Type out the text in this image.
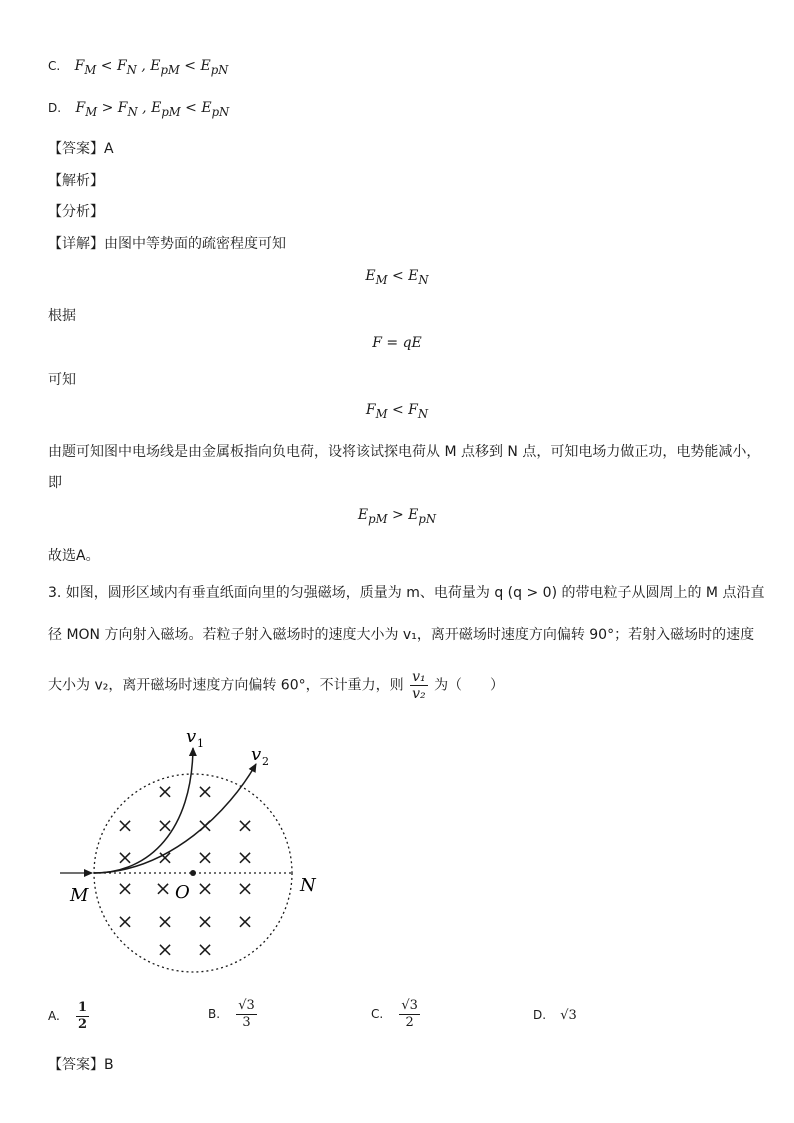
C. $F_M < F_N$ , $E_{pM} < E_{pN}$
D. $F_M > F_N$ , $E_{pM} < E_{pN}$
【答案】A
【解析】
【分析】
【详解】由图中等势面的疏密程度可知
$E_M < E_N$
根据
F = qE
可知
$F_M < F_N$
由题可知图中电场线是由金属板指向负电荷，设将该试探电荷从 M 点移到 N 点，可知电场力做正功，电势能减小，
即
$E_{pM} > E_{pN}$
故选A。
3. 如图，圆形区域内有垂直纸面向里的匀强磁场，质量为 m、电荷量为 q (q > 0) 的带电粒子从圆周上的 M 点沿直
径 MON 方向射入磁场。若粒子射入磁场时的速度大小为 v₁，离开磁场时速度方向偏转 90°；若射入磁场时的速度
大小为 v₂，离开磁场时速度方向偏转 60°，不计重力，则 $\frac{\text{v₁}}{\text{v₂}}$ 为（　　）
× ×
× × × ×
× × × ×
× × × ×
× × × ×
× ×
v 1
v 2
M	O	N
A. $\frac{1}{2}$	B. $\frac{√3}{3}$	C. $\frac{√3}{2}$	D. √3
【答案】B
